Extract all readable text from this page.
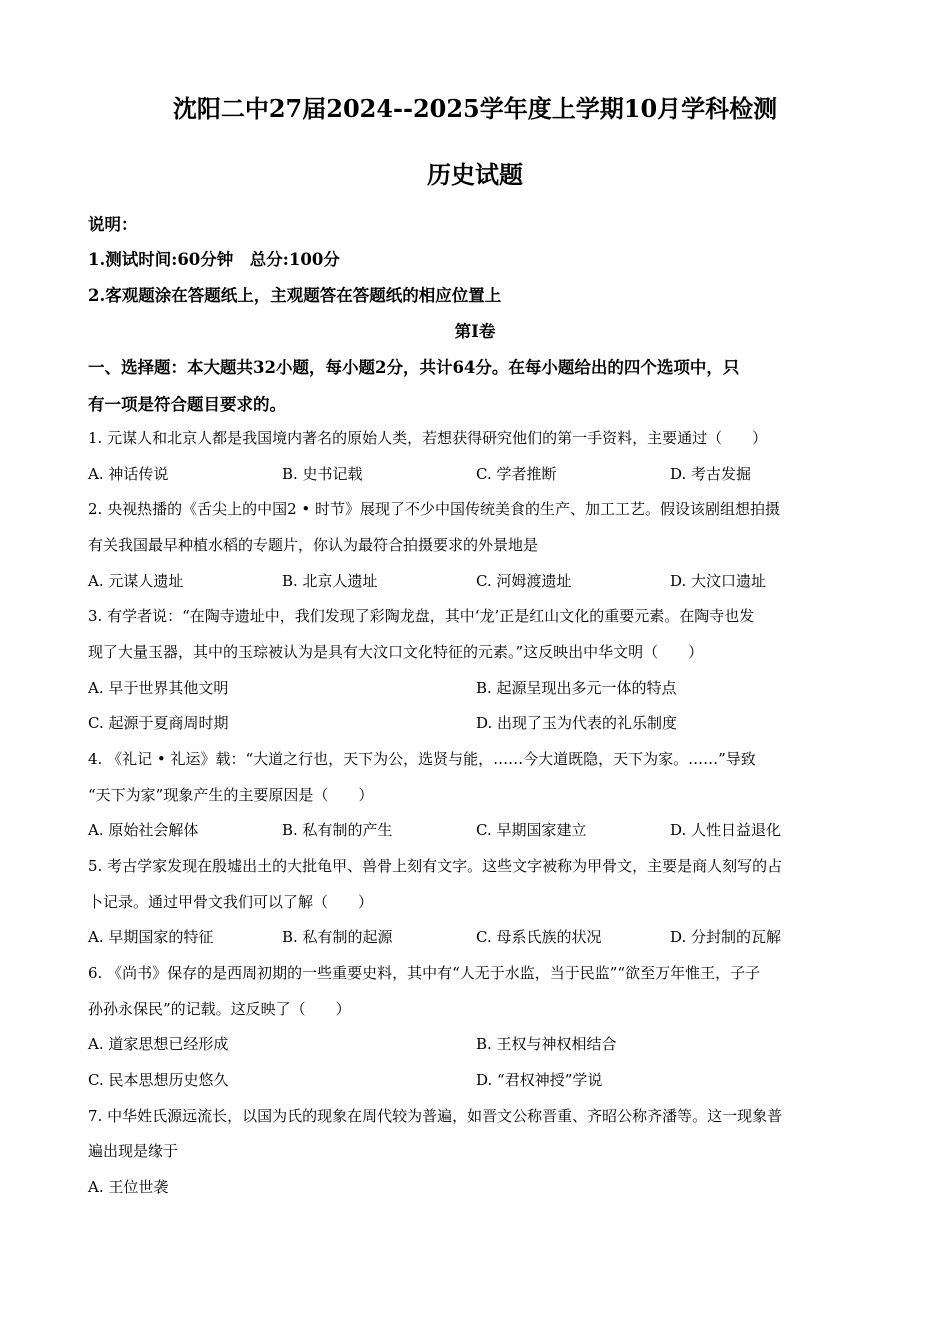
沈阳二中27届2024--2025学年度上学期10月学科检测
历史试题
说明：
1.测试时间:60分钟　总分:100分
2.客观题涂在答题纸上，主观题答在答题纸的相应位置上
第I卷
一、选择题：本大题共32小题，每小题2分，共计64分。在每小题给出的四个选项中，只
有一项是符合题目要求的。
1. 元谋人和北京人都是我国境内著名的原始人类，若想获得研究他们的第一手资料，主要通过（　　）
A. 神话传说	B. 史书记载	C. 学者推断	D. 考古发掘
2. 央视热播的《舌尖上的中国2 • 时节》展现了不少中国传统美食的生产、加工工艺。假设该剧组想拍摄
有关我国最早种植水稻的专题片，你认为最符合拍摄要求的外景地是
A. 元谋人遗址	B. 北京人遗址	C. 河姆渡遗址	D. 大汶口遗址
3. 有学者说：“在陶寺遗址中，我们发现了彩陶龙盘，其中‘龙’正是红山文化的重要元素。在陶寺也发
现了大量玉器，其中的玉琮被认为是具有大汶口文化特征的元素。”这反映出中华文明（　　）
A. 早于世界其他文明	B. 起源呈现出多元一体的特点
C. 起源于夏商周时期	D. 出现了玉为代表的礼乐制度
4. 《礼记 • 礼运》载：“大道之行也，天下为公，选贤与能，……今大道既隐，天下为家。……”导致
“天下为家”现象产生的主要原因是（　　）
A. 原始社会解体	B. 私有制的产生	C. 早期国家建立	D. 人性日益退化
5. 考古学家发现在殷墟出土的大批龟甲、兽骨上刻有文字。这些文字被称为甲骨文，主要是商人刻写的占
卜记录。通过甲骨文我们可以了解（　　）
A. 早期国家的特征	B. 私有制的起源	C. 母系氏族的状况	D. 分封制的瓦解
6. 《尚书》保存的是西周初期的一些重要史料，其中有“人无于水监，当于民监”“欲至万年惟王，子子
孙孙永保民”的记载。这反映了（　　）
A. 道家思想已经形成	B. 王权与神权相结合
C. 民本思想历史悠久	D. “君权神授”学说
7. 中华姓氏源远流长，以国为氏的现象在周代较为普遍，如晋文公称晋重、齐昭公称齐潘等。这一现象普
遍出现是缘于
A. 王位世袭
